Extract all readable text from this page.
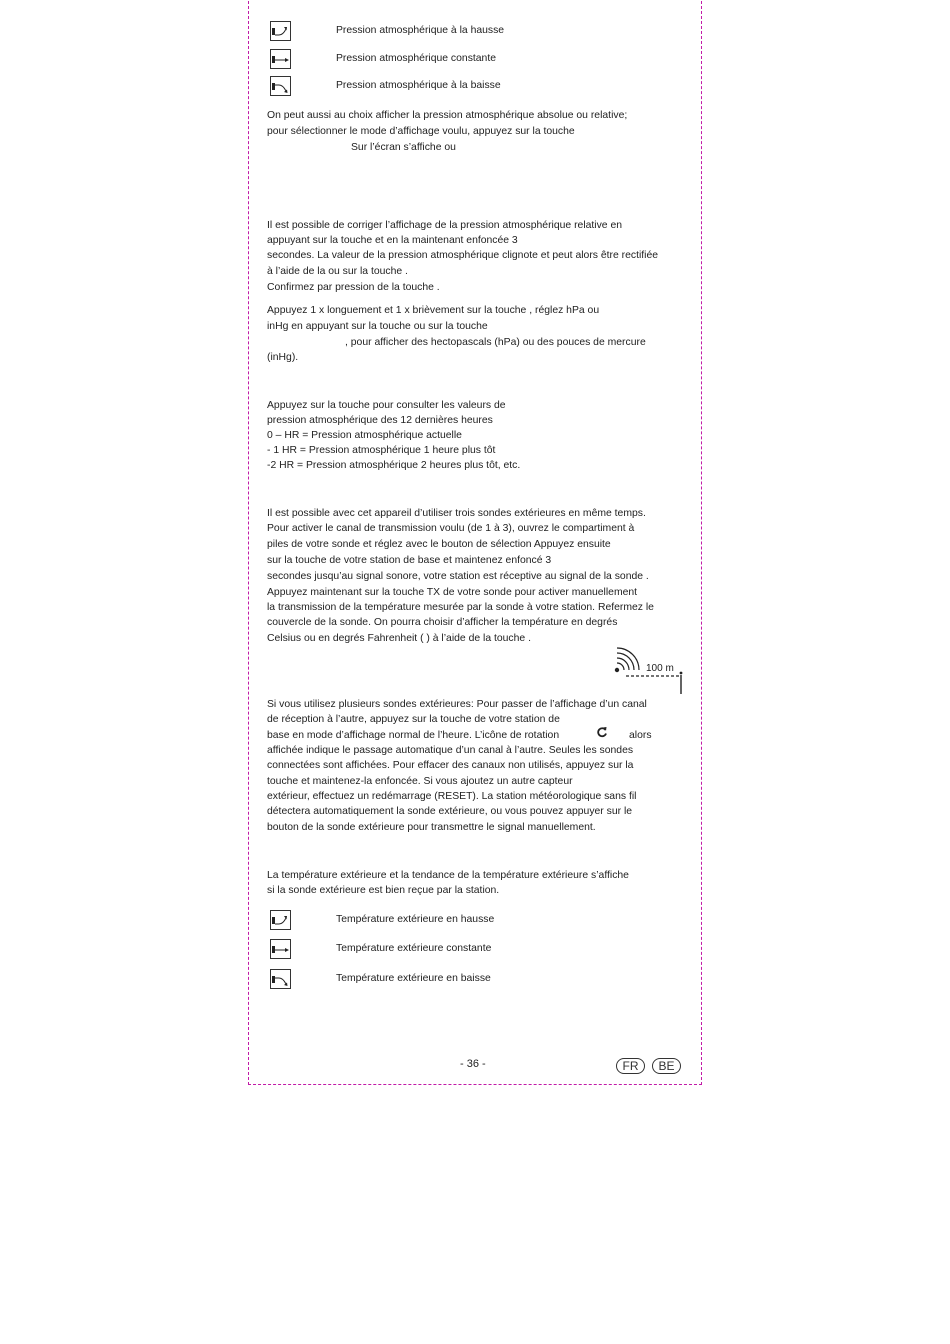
Pression atmosphérique à la hausse
Pression atmosphérique constante
Pression atmosphérique à la baisse
On peut aussi au choix afficher la pression atmosphérique absolue ou relative;
pour sélectionner le mode d’affichage voulu, appuyez sur la touche
Sur l’écran s’affiche ou
Il est possible de corriger l’affichage de la pression atmosphérique relative en
appuyant sur la touche et en la maintenant enfoncée 3
secondes. La valeur de la pression atmosphérique clignote et peut alors être rectifiée
à l’aide de la ou sur la touche .
Confirmez par pression de la touche .
Appuyez 1 x longuement et 1 x brièvement sur la touche , réglez hPa ou
inHg en appuyant sur la touche ou sur la touche
, pour afficher des hectopascals (hPa) ou des pouces de mercure
(inHg).
Appuyez sur la touche pour consulter les valeurs de
pression atmosphérique des 12 dernières heures
0 – HR = Pression atmosphérique actuelle
- 1 HR = Pression atmosphérique 1 heure plus tôt
-2 HR = Pression atmosphérique 2 heures plus tôt, etc.
Il est possible avec cet appareil d’utiliser trois sondes extérieures en même temps.
Pour activer le canal de transmission voulu (de 1 à 3), ouvrez le compartiment à
piles de votre sonde et réglez avec le bouton de sélection Appuyez ensuite
sur la touche de votre station de base et maintenez enfoncé 3
secondes jusqu’au signal sonore, votre station est réceptive au signal de la sonde .
Appuyez maintenant sur la touche TX de votre sonde pour activer manuellement
la transmission de la température mesurée par la sonde à votre station. Refermez le
couvercle de la sonde. On pourra choisir d’afficher la température en degrés
Celsius ou en degrés Fahrenheit ( ) à l’aide de la touche .
100 m
Si vous utilisez plusieurs sondes extérieures: Pour passer de l’affichage d’un canal
de réception à l’autre, appuyez sur la touche de votre station de
base en mode d’affichage normal de l’heure. L’icône de rotation	alors
affichée indique le passage automatique d’un canal à l’autre. Seules les sondes
connectées sont affichées. Pour effacer des canaux non utilisés, appuyez sur la
touche et maintenez-la enfoncée. Si vous ajoutez un autre capteur
extérieur, effectuez un redémarrage (RESET). La station météorologique sans fil
détectera automatiquement la sonde extérieure, ou vous pouvez appuyer sur le
bouton de la sonde extérieure pour transmettre le signal manuellement.
La température extérieure et la tendance de la température extérieure s’affiche
si la sonde extérieure est bien reçue par la station.
Température extérieure en hausse
Température extérieure constante
Température extérieure en baisse
- 36 -	FR	BE
